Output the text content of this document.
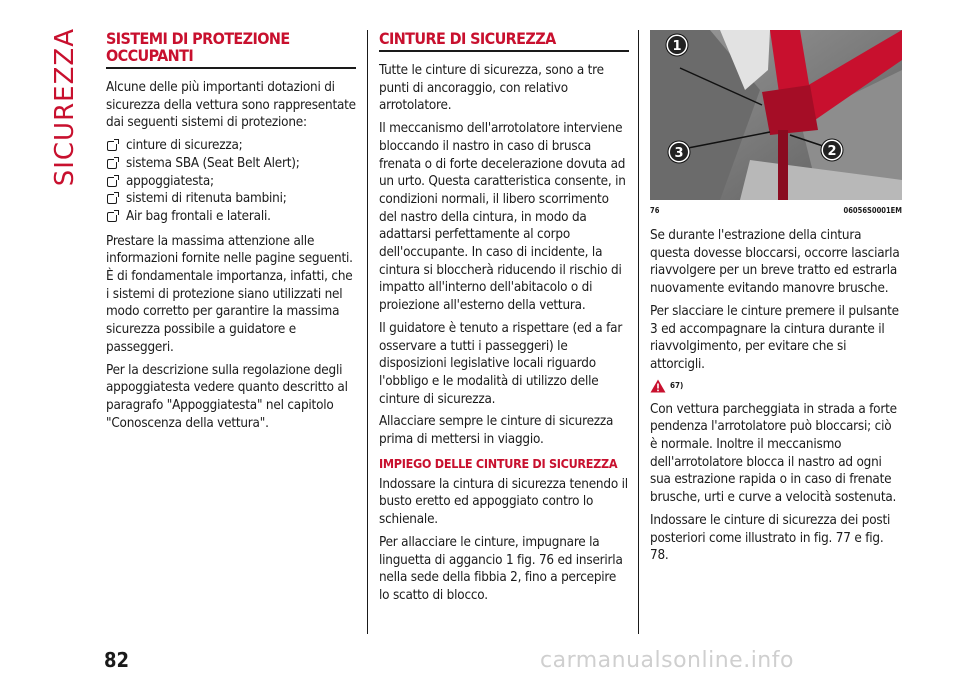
SICUREZZA SISTEMI DI PROTEZIONE OCCUPANTI

Alcune delle più importanti dotazioni di sicurezza della vettura sono rappresentate dai seguenti sistemi di protezione:

cinture di sicurezza;
sistema SBA (Seat Belt Alert);
appoggiatesta;
sistemi di ritenuta bambini;
Air bag frontali e laterali.

Prestare la massima attenzione alle informazioni fornite nelle pagine seguenti. È di fondamentale importanza, infatti, che i sistemi di protezione siano utilizzati nel modo corretto per garantire la massima sicurezza possibile a guidatore e passeggeri.

Per la descrizione sulla regolazione degli appoggiatesta vedere quanto descritto al paragrafo "Appoggiatesta" nel capitolo "Conoscenza della vettura".

CINTURE DI SICUREZZA

Tutte le cinture di sicurezza, sono a tre punti di ancoraggio, con relativo arrotolatore.

Il meccanismo dell'arrotolatore interviene bloccando il nastro in caso di brusca frenata o di forte decelerazione dovuta ad un urto. Questa caratteristica consente, in condizioni normali, il libero scorrimento del nastro della cintura, in modo da adattarsi perfettamente al corpo dell'occupante. In caso di incidente, la cintura si bloccherà riducendo il rischio di impatto all'interno dell'abitacolo o di proiezione all'esterno della vettura.

Il guidatore è tenuto a rispettare (ed a far osservare a tutti i passeggeri) le disposizioni legislative locali riguardo l'obbligo e le modalità di utilizzo delle cinture di sicurezza.

Allacciare sempre le cinture di sicurezza prima di mettersi in viaggio.

IMPIEGO DELLE CINTURE DI SICUREZZA

Indossare la cintura di sicurezza tenendo il busto eretto ed appoggiato contro lo schienale.

Per allacciare le cinture, impugnare la linguetta di aggancio 1 fig. 76 ed inserirla nella sede della fibbia 2, fino a percepire lo scatto di blocco.

1
2
3
76	06056S0001EM

Se durante l'estrazione della cintura questa dovesse bloccarsi, occorre lasciarla riavvolgere per un breve tratto ed estrarla nuovamente evitando manovre brusche.

Per slacciare le cinture premere il pulsante 3 ed accompagnare la cintura durante il riavvolgimento, per evitare che si attorcigli.

67)

Con vettura parcheggiata in strada a forte pendenza l'arrotolatore può bloccarsi; ciò è normale. Inoltre il meccanismo dell'arrotolatore blocca il nastro ad ogni sua estrazione rapida o in caso di frenate brusche, urti e curve a velocità sostenuta.

Indossare le cinture di sicurezza dei posti posteriori come illustrato in fig. 77 e fig. 78.

82	carmanualsonline.info
